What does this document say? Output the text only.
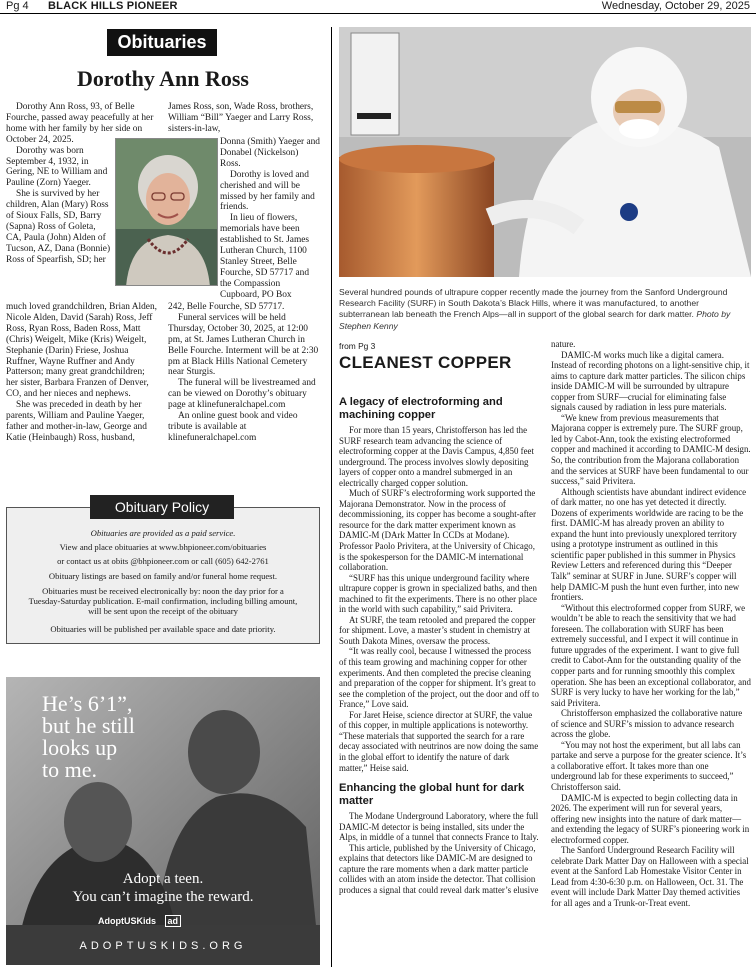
Pg 4 BLACK HILLS PIONEER	Wednesday, October 29, 2025
Obituaries
Dorothy Ann Ross

Dorothy Ann Ross, 93, of Belle Fourche, passed away peacefully at her home with her family by her side on October 24, 2025.

Dorothy was born September 4, 1932, in Gering, NE to William and Pauline (Zorn) Yaeger.

She is survived by her children, Alan (Mary) Ross of Sioux Falls, SD, Barry (Sapna) Ross of Goleta, CA, Paula (John) Alden of Tucson, AZ, Dana (Bonnie) Ross of Spearfish, SD; her

much loved grandchildren, Brian Alden, Nicole Alden, David (Sarah) Ross, Jeff Ross, Ryan Ross, Baden Ross, Matt (Chris) Weigelt, Mike (Kris) Weigelt, Stephanie (Darin) Friese, Joshua Ruffner, Wayne Ruffner and Andy Patterson; many great grandchildren; her sister, Barbara Franzen of Denver, CO, and her nieces and nephews.

She was preceded in death by her parents, William and Pauline Yaeger, father and mother-in-law, George and Katie (Heinbaugh) Ross, husband,

James Ross, son, Wade Ross, brothers, William “Bill” Yaeger and Larry Ross, sisters-in-law,

Donna (Smith) Yaeger and Donabel (Nickelson) Ross.

Dorothy is loved and cherished and will be missed by her family and friends.

In lieu of flowers, memorials have been established to St. James Lutheran Church, 1100 Stanley Street, Belle Fourche, SD 57717 and the Compassion Cupboard, PO Box

242, Belle Fourche, SD 57717.

Funeral services will be held Thursday, October 30, 2025, at 12:00 pm, at St. James Lutheran Church in Belle Fourche. Interment will be at 2:30 pm at Black Hills National Cemetery near Sturgis.

The funeral will be livestreamed and can be viewed on Dorothy’s obituary page at klinefuneralchapel.com

An online guest book and video tribute is available at klinefuneralchapel.com

Obituaries are provided as a paid service.
View and place obituaries at www.bhpioneer.com/obituaries
or contact us at obits @bhpioneer.com or call (605) 642-2761
Obituary listings are based on family and/or funeral home request.
Obituaries must be received electronically by: noon the day prior for a
Tuesday-Saturday publication. E-mail confirmation, including billing amount,
will be sent upon the receipt of the obituary
Obituaries will be published per available space and date priority.
Obituary Policy
He’s 6’1”,
but he still
looks up
to me.
Adopt a teen.
You can’t imagine the reward.
AdoptUSKids ad
ADOPTUSKIDS.ORG
Several hundred pounds of ultrapure copper recently made the journey from the Sanford Underground Research Facility (SURF) in South Dakota’s Black Hills, where it was manufactured, to another subterranean lab beneath the French Alps—all in support of the global search for dark matter. Photo by Stephen Kenny
from Pg 3
CLEANEST COPPER
A legacy of electroforming and machining copper

For more than 15 years, Christofferson has led the SURF research team advancing the science of electroforming copper at the Davis Campus, 4,850 feet underground. The process involves slowly depositing layers of copper onto a mandrel submerged in an electrically charged copper solution.

Much of SURF’s electroforming work supported the Majorana Demonstrator. Now in the process of decommissioning, its copper has become a sought-after resource for the dark matter experiment known as DAMIC-M (DArk Matter In CCDs at Modane). Professor Paolo Privitera, at the University of Chicago, is the spokesperson for the DAMIC-M international collaboration.

“SURF has this unique underground facility where ultrapure copper is grown in specialized baths, and then machined to fit the experiments. There is no other place in the world with such capability,” said Privitera.

At SURF, the team retooled and prepared the copper for shipment. Love, a master’s student in chemistry at South Dakota Mines, oversaw the process.

“It was really cool, because I witnessed the process of this team growing and machining copper for other experiments. And then completed the precise cleaning and preparation of the copper for shipment. It’s great to see the completion of the project, out the door and off to France,” Love said.

For Jaret Heise, science director at SURF, the value of this copper, in multiple applications is noteworthy. “These materials that supported the search for a rare decay associated with neutrinos are now doing the same in the global effort to identify the nature of dark matter,” Heise said.

Enhancing the global hunt for dark matter

The Modane Underground Laboratory, where the full DAMIC-M detector is being installed, sits under the Alps, in middle of a tunnel that connects France to Italy.

This article, published by the University of Chicago, explains that detectors like DAMIC-M are designed to capture the rare moments when a dark matter particle collides with an atom inside the detector. That collision produces a signal that could reveal dark matter’s elusive

nature.

DAMIC-M works much like a digital camera. Instead of recording photons on a light-sensitive chip, it aims to capture dark matter particles. The silicon chips inside DAMIC-M will be surrounded by ultrapure copper from SURF—crucial for eliminating false signals caused by radiation in less pure materials.

“We knew from previous measurements that Majorana copper is extremely pure. The SURF group, led by Cabot-Ann, took the existing electroformed copper and machined it according to DAMIC-M design. So, the contribution from the Majorana collaboration and the services at SURF have been fundamental to our success,” said Privitera.

Although scientists have abundant indirect evidence of dark matter, no one has yet detected it directly. Dozens of experiments worldwide are racing to be the first. DAMIC-M has already proven an ability to expand the hunt into previously unexplored territory using a prototype instrument as outlined in this scientific paper published in this summer in Physics Review Letters and referenced during this “Deeper Talk” seminar at SURF in June. SURF’s copper will help DAMIC-M push the hunt even further, into new frontiers.

“Without this electroformed copper from SURF, we wouldn’t be able to reach the sensitivity that we had foreseen. The collaboration with SURF has been extremely successful, and I expect it will continue in future upgrades of the experiment. I want to give full credit to Cabot-Ann for the outstanding quality of the copper parts and for running smoothly this complex operation. She has been an exceptional collaborator, and SURF is very lucky to have her working for the lab,” said Privitera.

Christofferson emphasized the collaborative nature of science and SURF’s mission to advance research across the globe.

“You may not host the experiment, but all labs can partake and serve a purpose for the greater science. It’s a collaborative effort. It takes more than one underground lab for these experiments to succeed,” Christofferson said.

DAMIC-M is expected to begin collecting data in 2026. The experiment will run for several years, offering new insights into the nature of dark matter—and extending the legacy of SURF’s pioneering work in electroformed copper.

The Sanford Underground Research Facility will celebrate Dark Matter Day on Halloween with a special event at the Sanford Lab Homestake Visitor Center in Lead from 4:30-6:30 p.m. on Halloween, Oct. 31. The event will include Dark Matter Day themed activities for all ages and a Trunk-or-Treat event.
